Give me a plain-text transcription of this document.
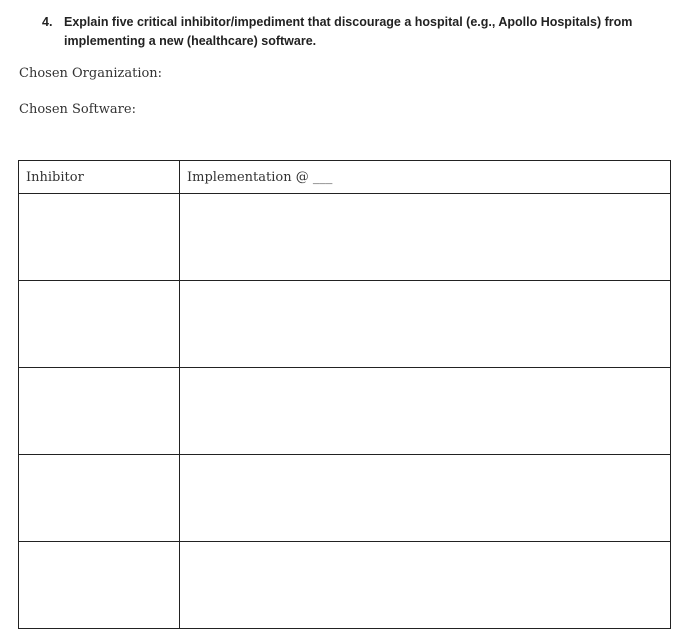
4. Explain five critical inhibitor/impediment that discourage a hospital (e.g., Apollo Hospitals) from implementing a new (healthcare) software.
Chosen Organization:
Chosen Software:
Inhibitor	Implementation @ ___
